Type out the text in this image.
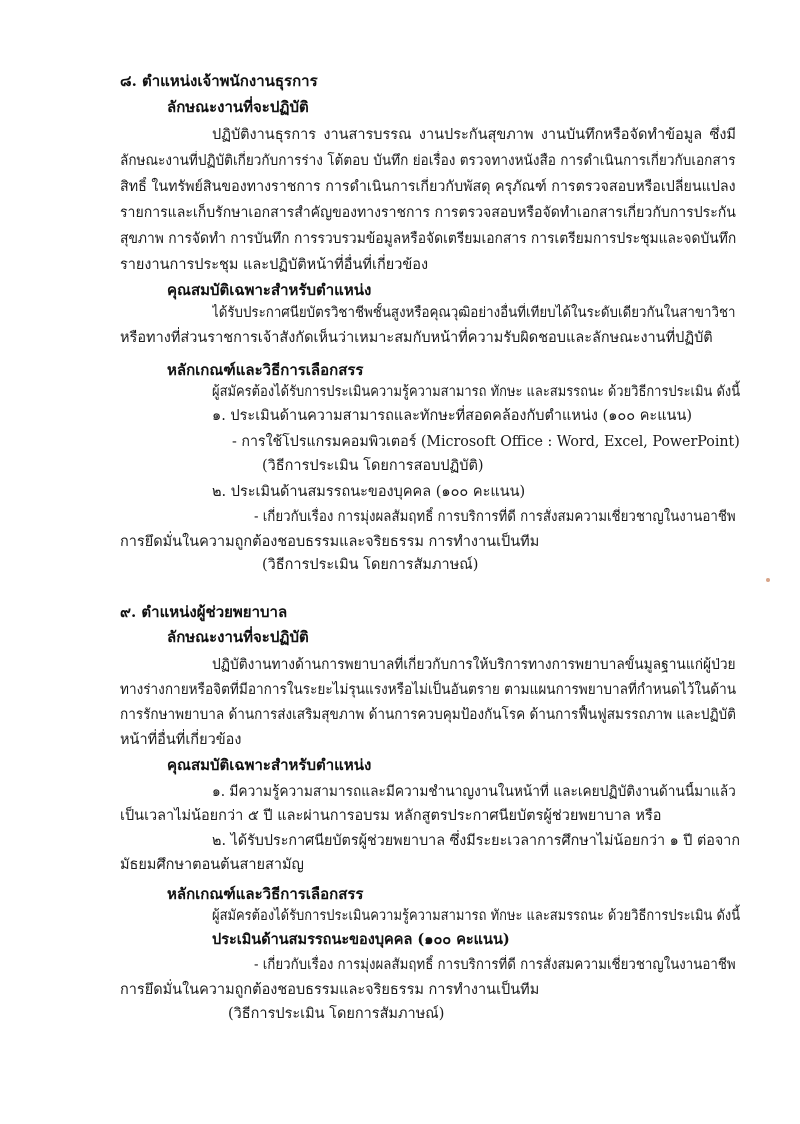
๘. ตำแหน่งเจ้าพนักงานธุรการ
ลักษณะงานที่จะปฏิบัติ
ปฏิบัติงานธุรการ งานสารบรรณ งานประกันสุขภาพ งานบันทึกหรือจัดทำข้อมูล ซึ่งมี
ลักษณะงานที่ปฏิบัติเกี่ยวกับการร่าง โต้ตอบ บันทึก ย่อเรื่อง ตรวจทางหนังสือ การดำเนินการเกี่ยวกับเอกสาร
สิทธิ์ ในทรัพย์สินของทางราชการ การดำเนินการเกี่ยวกับพัสดุ ครุภัณฑ์ การตรวจสอบหรือเปลี่ยนแปลง
รายการและเก็บรักษาเอกสารสำคัญของทางราชการ การตรวจสอบหรือจัดทำเอกสารเกี่ยวกับการประกัน
สุขภาพ การจัดทำ การบันทึก การรวบรวมข้อมูลหรือจัดเตรียมเอกสาร การเตรียมการประชุมและจดบันทึก
รายงานการประชุม และปฏิบัติหน้าที่อื่นที่เกี่ยวข้อง
คุณสมบัติเฉพาะสำหรับตำแหน่ง
ได้รับประกาศนียบัตรวิชาชีพชั้นสูงหรือคุณวุฒิอย่างอื่นที่เทียบได้ในระดับเดียวกันในสาขาวิชา
หรือทางที่ส่วนราชการเจ้าสังกัดเห็นว่าเหมาะสมกับหน้าที่ความรับผิดชอบและลักษณะงานที่ปฏิบัติ
หลักเกณฑ์และวิธีการเลือกสรร
ผู้สมัครต้องได้รับการประเมินความรู้ความสามารถ ทักษะ และสมรรถนะ ด้วยวิธีการประเมิน ดังนี้
๑. ประเมินด้านความสามารถและทักษะที่สอดคล้องกับตำแหน่ง (๑๐๐ คะแนน)
- การใช้โปรแกรมคอมพิวเตอร์ (Microsoft Office : Word, Excel, PowerPoint)
(วิธีการประเมิน โดยการสอบปฏิบัติ)
๒. ประเมินด้านสมรรถนะของบุคคล (๑๐๐ คะแนน)
- เกี่ยวกับเรื่อง การมุ่งผลสัมฤทธิ์ การบริการที่ดี การสั่งสมความเชี่ยวชาญในงานอาชีพ
การยึดมั่นในความถูกต้องชอบธรรมและจริยธรรม การทำงานเป็นทีม
(วิธีการประเมิน โดยการสัมภาษณ์)
๙. ตำแหน่งผู้ช่วยพยาบาล
ลักษณะงานที่จะปฏิบัติ
ปฏิบัติงานทางด้านการพยาบาลที่เกี่ยวกับการให้บริการทางการพยาบาลขั้นมูลฐานแก่ผู้ป่วย
ทางร่างกายหรือจิตที่มีอาการในระยะไม่รุนแรงหรือไม่เป็นอันตราย ตามแผนการพยาบาลที่กำหนดไว้ในด้าน
การรักษาพยาบาล ด้านการส่งเสริมสุขภาพ ด้านการควบคุมป้องกันโรค ด้านการฟื้นฟูสมรรถภาพ และปฏิบัติ
หน้าที่อื่นที่เกี่ยวข้อง
คุณสมบัติเฉพาะสำหรับตำแหน่ง
๑. มีความรู้ความสามารถและมีความชำนาญงานในหน้าที่ และเคยปฏิบัติงานด้านนี้มาแล้ว
เป็นเวลาไม่น้อยกว่า ๕ ปี และผ่านการอบรม หลักสูตรประกาศนียบัตรผู้ช่วยพยาบาล หรือ
๒. ได้รับประกาศนียบัตรผู้ช่วยพยาบาล ซึ่งมีระยะเวลาการศึกษาไม่น้อยกว่า ๑ ปี ต่อจาก
มัธยมศึกษาตอนต้นสายสามัญ
หลักเกณฑ์และวิธีการเลือกสรร
ผู้สมัครต้องได้รับการประเมินความรู้ความสามารถ ทักษะ และสมรรถนะ ด้วยวิธีการประเมิน ดังนี้
ประเมินด้านสมรรถนะของบุคคล (๑๐๐ คะแนน)
- เกี่ยวกับเรื่อง การมุ่งผลสัมฤทธิ์ การบริการที่ดี การสั่งสมความเชี่ยวชาญในงานอาชีพ
การยึดมั่นในความถูกต้องชอบธรรมและจริยธรรม การทำงานเป็นทีม
(วิธีการประเมิน โดยการสัมภาษณ์)
